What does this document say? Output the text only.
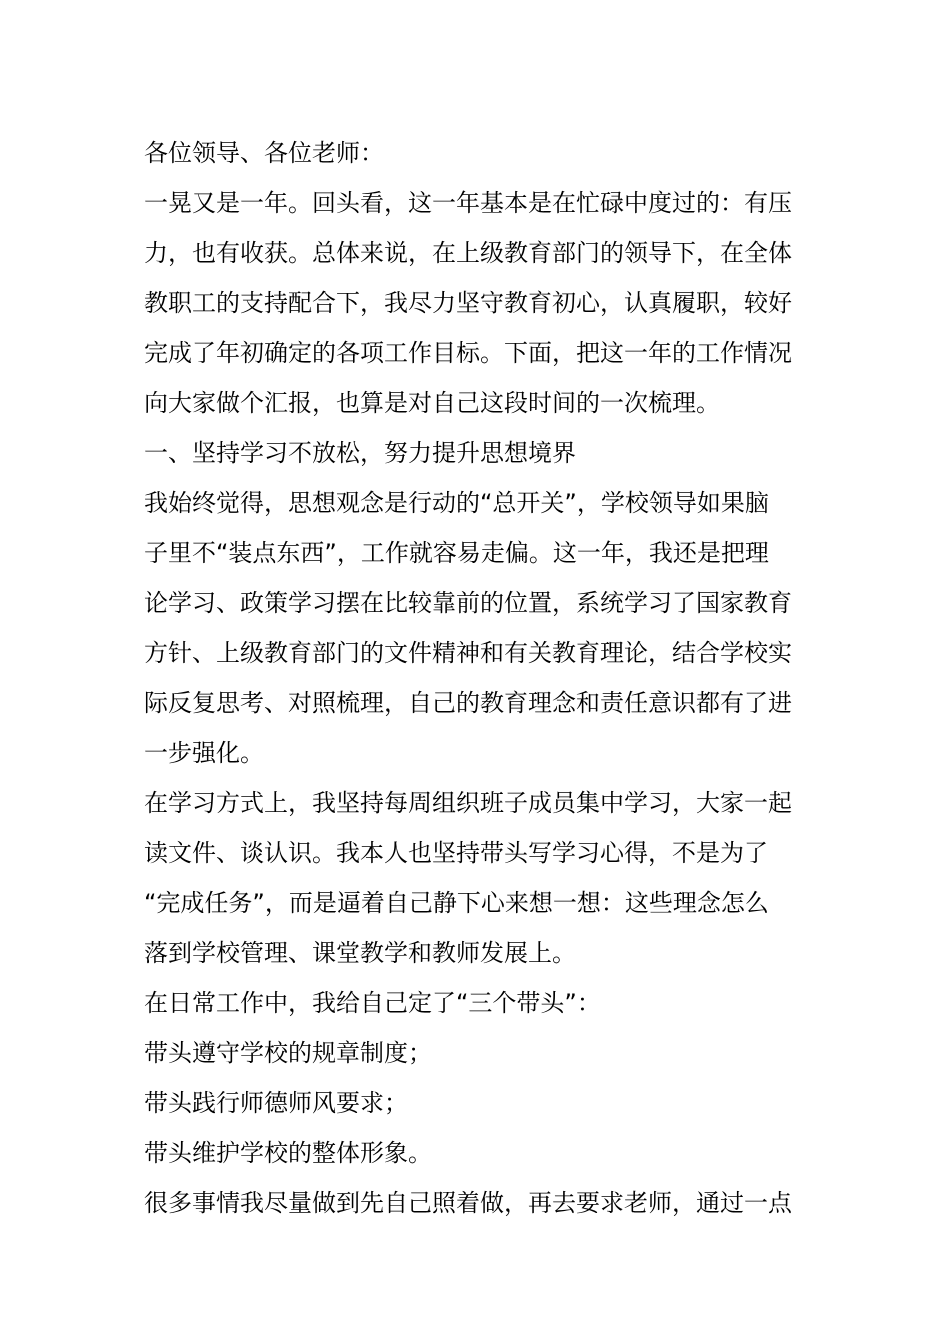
各位领导、各位老师：
一晃又是一年。回头看，这一年基本是在忙碌中度过的：有压
力，也有收获。总体来说，在上级教育部门的领导下，在全体
教职工的支持配合下，我尽力坚守教育初心，认真履职，较好
完成了年初确定的各项工作目标。下面，把这一年的工作情况
向大家做个汇报，也算是对自己这段时间的一次梳理。
一、坚持学习不放松，努力提升思想境界
我始终觉得，思想观念是行动的“总开关”，学校领导如果脑
子里不“装点东西”，工作就容易走偏。这一年，我还是把理
论学习、政策学习摆在比较靠前的位置，系统学习了国家教育
方针、上级教育部门的文件精神和有关教育理论，结合学校实
际反复思考、对照梳理，自己的教育理念和责任意识都有了进
一步强化。
在学习方式上，我坚持每周组织班子成员集中学习，大家一起
读文件、谈认识。我本人也坚持带头写学习心得，不是为了
“完成任务”，而是逼着自己静下心来想一想：这些理念怎么
落到学校管理、课堂教学和教师发展上。
在日常工作中，我给自己定了“三个带头”：
带头遵守学校的规章制度；
带头践行师德师风要求；
带头维护学校的整体形象。
很多事情我尽量做到先自己照着做，再去要求老师，通过一点
